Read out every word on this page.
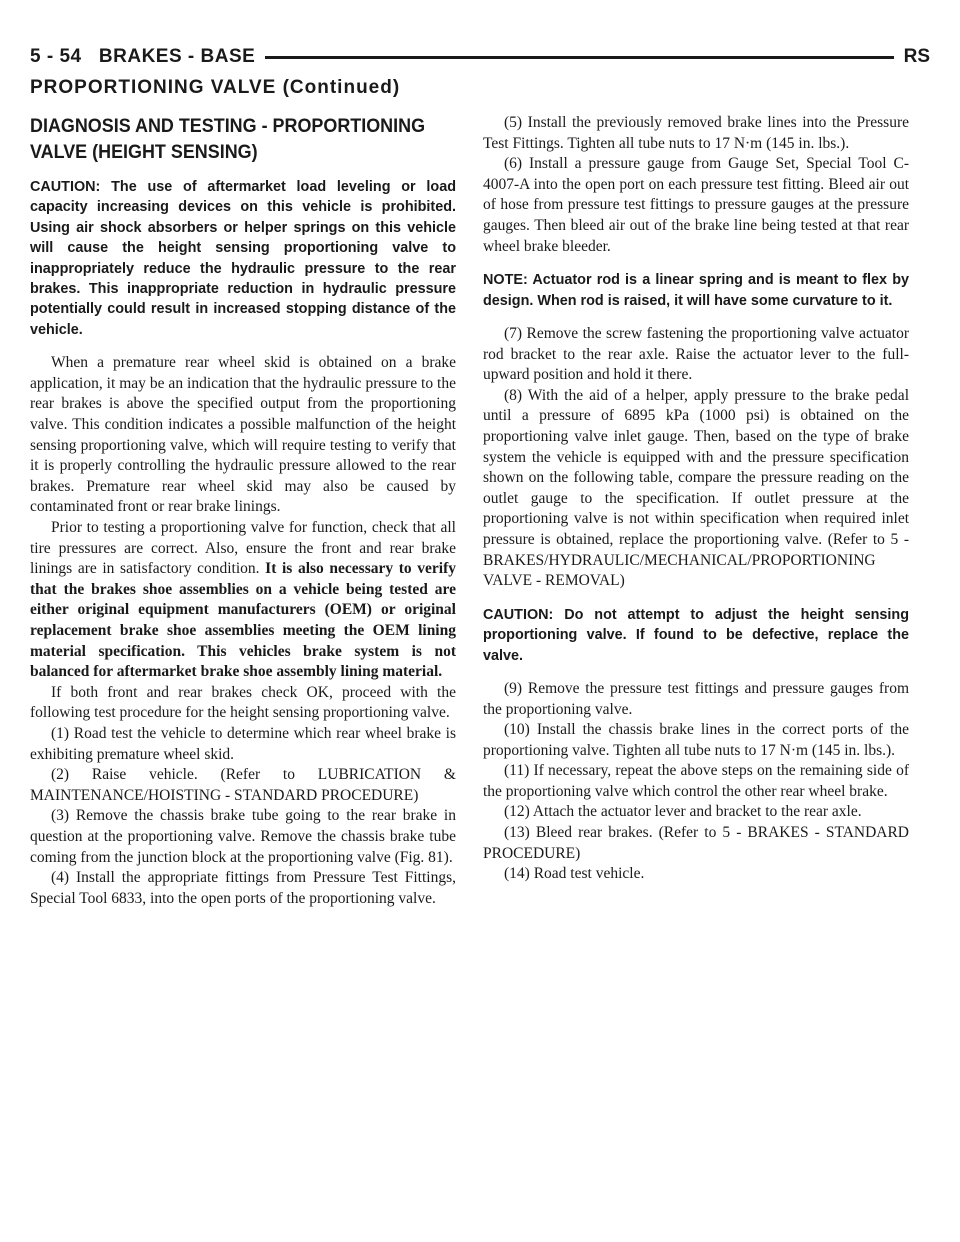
5 - 54   BRAKES - BASE	RS
PROPORTIONING VALVE (Continued)
DIAGNOSIS AND TESTING - PROPORTIONING VALVE (HEIGHT SENSING)

CAUTION: The use of aftermarket load leveling or load capacity increasing devices on this vehicle is prohibited. Using air shock absorbers or helper springs on this vehicle will cause the height sensing proportioning valve to inappropriately reduce the hydraulic pressure to the rear brakes. This inappropriate reduction in hydraulic pressure potentially could result in increased stopping distance of the vehicle.

When a premature rear wheel skid is obtained on a brake application, it may be an indication that the hydraulic pressure to the rear brakes is above the specified output from the proportioning valve. This condition indicates a possible malfunction of the height sensing proportioning valve, which will require testing to verify that it is properly controlling the hydraulic pressure allowed to the rear brakes. Premature rear wheel skid may also be caused by contaminated front or rear brake linings.

Prior to testing a proportioning valve for function, check that all tire pressures are correct. Also, ensure the front and rear brake linings are in satisfactory condition. It is also necessary to verify that the brakes shoe assemblies on a vehicle being tested are either original equipment manufacturers (OEM) or original replacement brake shoe assemblies meeting the OEM lining material specification. This vehicles brake system is not balanced for aftermarket brake shoe assembly lining material.

If both front and rear brakes check OK, proceed with the following test procedure for the height sensing proportioning valve.

(1) Road test the vehicle to determine which rear wheel brake is exhibiting premature wheel skid.

(2) Raise vehicle. (Refer to LUBRICATION & MAINTENANCE/HOISTING - STANDARD PROCEDURE)

(3) Remove the chassis brake tube going to the rear brake in question at the proportioning valve. Remove the chassis brake tube coming from the junction block at the proportioning valve (Fig. 81).

(4) Install the appropriate fittings from Pressure Test Fittings, Special Tool 6833, into the open ports of the proportioning valve.

(5) Install the previously removed brake lines into the Pressure Test Fittings. Tighten all tube nuts to 17 N·m (145 in. lbs.).

(6) Install a pressure gauge from Gauge Set, Special Tool C-4007-A into the open port on each pressure test fitting. Bleed air out of hose from pressure test fittings to pressure gauges at the pressure gauges. Then bleed air out of the brake line being tested at that rear wheel brake bleeder.

NOTE: Actuator rod is a linear spring and is meant to flex by design. When rod is raised, it will have some curvature to it.

(7) Remove the screw fastening the proportioning valve actuator rod bracket to the rear axle. Raise the actuator lever to the full-upward position and hold it there.

(8) With the aid of a helper, apply pressure to the brake pedal until a pressure of 6895 kPa (1000 psi) is obtained on the proportioning valve inlet gauge. Then, based on the type of brake system the vehicle is equipped with and the pressure specification shown on the following table, compare the pressure reading on the outlet gauge to the specification. If outlet pressure at the proportioning valve is not within specification when required inlet pressure is obtained, replace the proportioning valve. (Refer to 5 - BRAKES/HYDRAULIC/MECHANICAL/PROPORTIONING VALVE - REMOVAL)

CAUTION: Do not attempt to adjust the height sensing proportioning valve. If found to be defective, replace the valve.

(9) Remove the pressure test fittings and pressure gauges from the proportioning valve.

(10) Install the chassis brake lines in the correct ports of the proportioning valve. Tighten all tube nuts to 17 N·m (145 in. lbs.).

(11) If necessary, repeat the above steps on the remaining side of the proportioning valve which control the other rear wheel brake.

(12) Attach the actuator lever and bracket to the rear axle.

(13) Bleed rear brakes. (Refer to 5 - BRAKES - STANDARD PROCEDURE)

(14) Road test vehicle.
